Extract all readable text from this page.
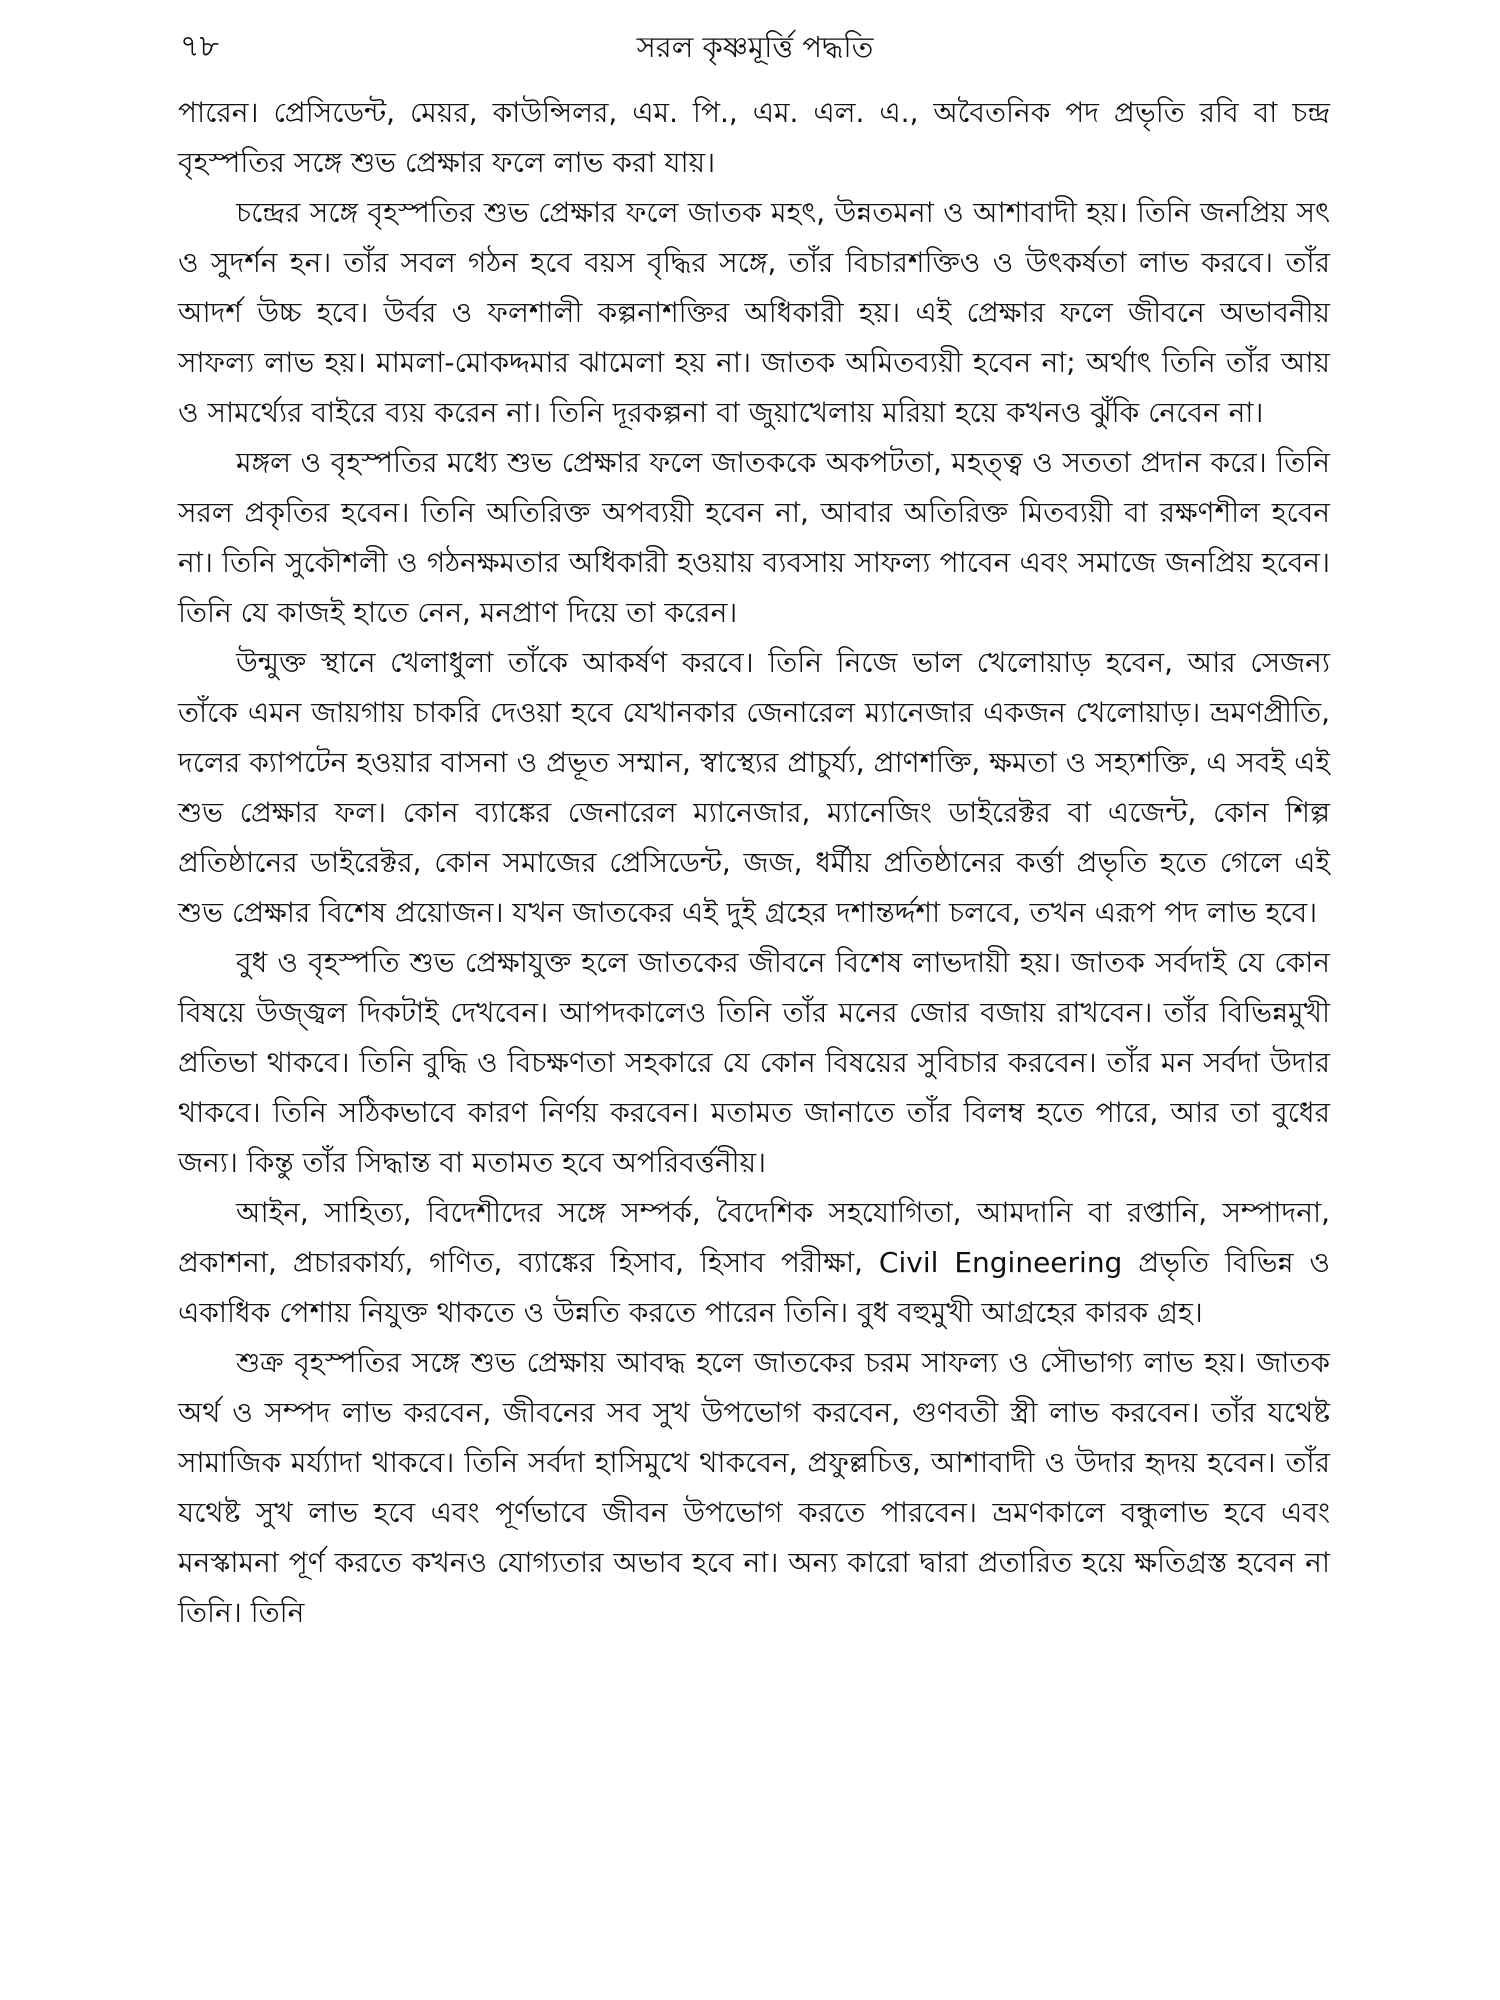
৭৮	সরল কৃষ্ণমূর্ত্তি পদ্ধতি

পারেন। প্রেসিডেন্ট, মেয়র, কাউন্সিলর, এম. পি., এম. এল. এ., অবৈতনিক পদ প্রভৃতি রবি বা চন্দ্র বৃহস্পতির সঙ্গে শুভ প্রেক্ষার ফলে লাভ করা যায়।

চন্দ্রের সঙ্গে বৃহস্পতির শুভ প্রেক্ষার ফলে জাতক মহৎ, উন্নতমনা ও আশাবাদী হয়। তিনি জনপ্রিয় সৎ ও সুদর্শন হন। তাঁর সবল গঠন হবে বয়স বৃদ্ধির সঙ্গে, তাঁর বিচারশক্তিও ও উৎকর্ষতা লাভ করবে। তাঁর আদর্শ উচ্চ হবে। উর্বর ও ফলশালী কল্পনাশক্তির অধিকারী হয়। এই প্রেক্ষার ফলে জীবনে অভাবনীয় সাফল্য লাভ হয়। মামলা-মোকদ্দমার ঝামেলা হয় না। জাতক অমিতব্যয়ী হবেন না; অর্থাৎ তিনি তাঁর আয় ও সামর্থ্যের বাইরে ব্যয় করেন না। তিনি দূরকল্পনা বা জুয়াখেলায় মরিয়া হয়ে কখনও ঝুঁকি নেবেন না।

মঙ্গল ও বৃহস্পতির মধ্যে শুভ প্রেক্ষার ফলে জাতককে অকপটতা, মহত্ত্ব ও সততা প্রদান করে। তিনি সরল প্রকৃতির হবেন। তিনি অতিরিক্ত অপব্যয়ী হবেন না, আবার অতিরিক্ত মিতব্যয়ী বা রক্ষণশীল হবেন না। তিনি সুকৌশলী ও গঠনক্ষমতার অধিকারী হওয়ায় ব্যবসায় সাফল্য পাবেন এবং সমাজে জনপ্রিয় হবেন। তিনি যে কাজই হাতে নেন, মনপ্রাণ দিয়ে তা করেন।

উন্মুক্ত স্থানে খেলাধুলা তাঁকে আকর্ষণ করবে। তিনি নিজে ভাল খেলোয়াড় হবেন, আর সেজন্য তাঁকে এমন জায়গায় চাকরি দেওয়া হবে যেখানকার জেনারেল ম্যানেজার একজন খেলোয়াড়। ভ্রমণপ্রীতি, দলের ক্যাপটেন হওয়ার বাসনা ও প্রভূত সম্মান, স্বাস্থ্যের প্রাচুর্য্য, প্রাণশক্তি, ক্ষমতা ও সহ্যশক্তি, এ সবই এই শুভ প্রেক্ষার ফল। কোন ব্যাঙ্কের জেনারেল ম্যানেজার, ম্যানেজিং ডাইরেক্টর বা এজেন্ট, কোন শিল্প প্রতিষ্ঠানের ডাইরেক্টর, কোন সমাজের প্রেসিডেন্ট, জজ, ধর্মীয় প্রতিষ্ঠানের কর্ত্তা প্রভৃতি হতে গেলে এই শুভ প্রেক্ষার বিশেষ প্রয়োজন। যখন জাতকের এই দুই গ্রহের দশান্তর্দ্দশা চলবে, তখন এরূপ পদ লাভ হবে।

বুধ ও বৃহস্পতি শুভ প্রেক্ষাযুক্ত হলে জাতকের জীবনে বিশেষ লাভদায়ী হয়। জাতক সর্বদাই যে কোন বিষয়ে উজ্জ্বল দিকটাই দেখবেন। আপদকালেও তিনি তাঁর মনের জোর বজায় রাখবেন। তাঁর বিভিন্নমুখী প্রতিভা থাকবে। তিনি বুদ্ধি ও বিচক্ষণতা সহকারে যে কোন বিষয়ের সুবিচার করবেন। তাঁর মন সর্বদা উদার থাকবে। তিনি সঠিকভাবে কারণ নির্ণয় করবেন। মতামত জানাতে তাঁর বিলম্ব হতে পারে, আর তা বুধের জন্য। কিন্তু তাঁর সিদ্ধান্ত বা মতামত হবে অপরিবর্ত্তনীয়।

আইন, সাহিত্য, বিদেশীদের সঙ্গে সম্পর্ক, বৈদেশিক সহযোগিতা, আমদানি বা রপ্তানি, সম্পাদনা, প্রকাশনা, প্রচারকার্য্য, গণিত, ব্যাঙ্কের হিসাব, হিসাব পরীক্ষা, Civil Engineering প্রভৃতি বিভিন্ন ও একাধিক পেশায় নিযুক্ত থাকতে ও উন্নতি করতে পারেন তিনি। বুধ বহুমুখী আগ্রহের কারক গ্রহ।

শুক্র বৃহস্পতির সঙ্গে শুভ প্রেক্ষায় আবদ্ধ হলে জাতকের চরম সাফল্য ও সৌভাগ্য লাভ হয়। জাতক অর্থ ও সম্পদ লাভ করবেন, জীবনের সব সুখ উপভোগ করবেন, গুণবতী স্ত্রী লাভ করবেন। তাঁর যথেষ্ট সামাজিক মর্য্যাদা থাকবে। তিনি সর্বদা হাসিমুখে থাকবেন, প্রফুল্লচিত্ত, আশাবাদী ও উদার হৃদয় হবেন। তাঁর যথেষ্ট সুখ লাভ হবে এবং পূর্ণভাবে জীবন উপভোগ করতে পারবেন। ভ্রমণকালে বন্ধুলাভ হবে এবং মনস্কামনা পূর্ণ করতে কখনও যোগ্যতার অভাব হবে না। অন্য কারো দ্বারা প্রতারিত হয়ে ক্ষতিগ্রস্ত হবেন না তিনি। তিনি
